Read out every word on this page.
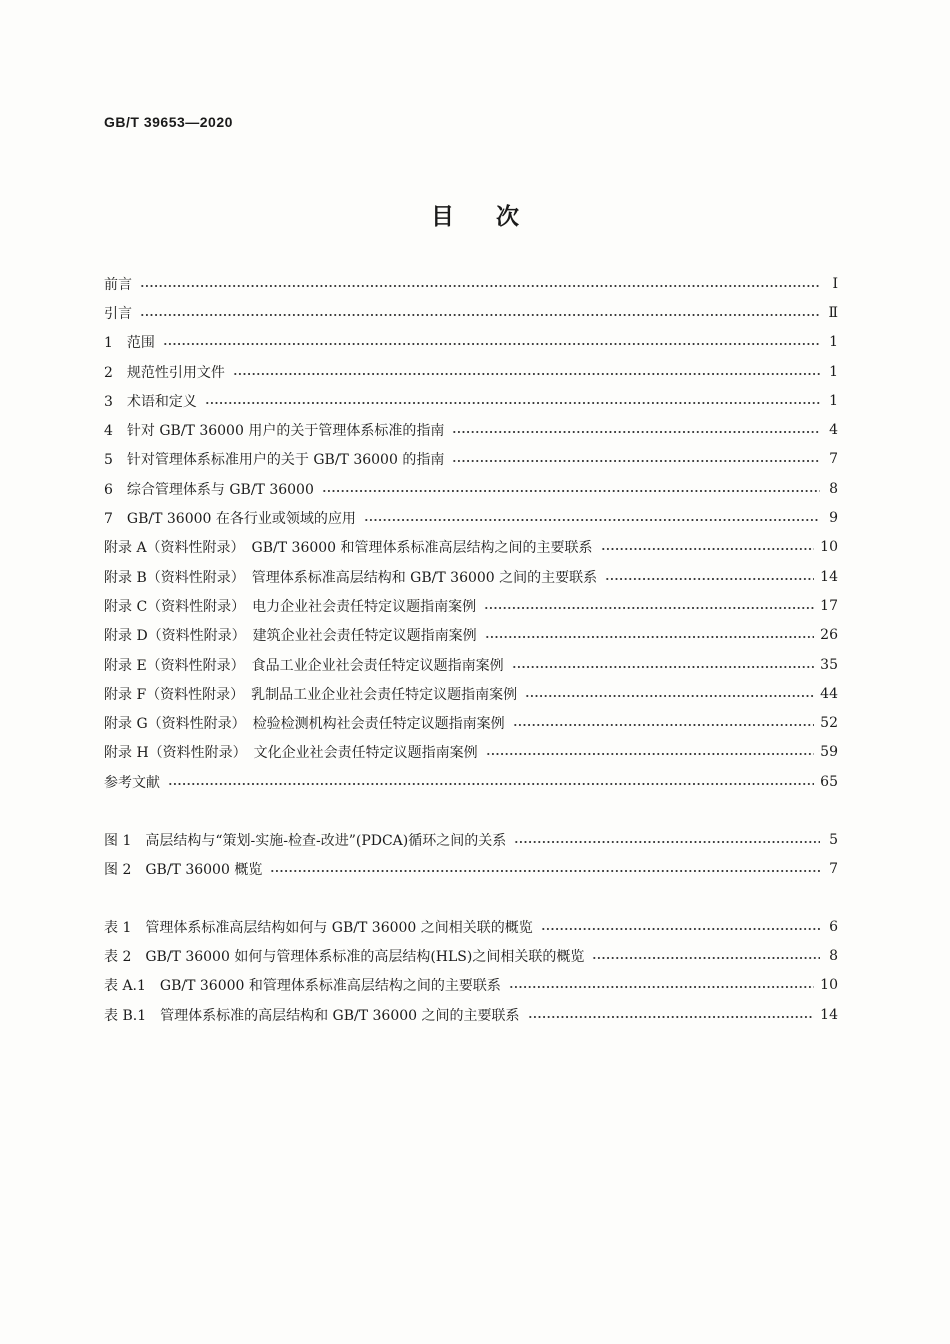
GB/T 39653—2020
目次
前言	Ⅰ
引言	Ⅱ
1　范围	1
2　规范性引用文件	1
3　术语和定义	1
4　针对 GB/T 36000 用户的关于管理体系标准的指南	4
5　针对管理体系标准用户的关于 GB/T 36000 的指南	7
6　综合管理体系与 GB/T 36000	8
7　GB/T 36000 在各行业或领域的应用	9
附录 A（资料性附录）　GB/T 36000 和管理体系标准高层结构之间的主要联系	10
附录 B（资料性附录）　管理体系标准高层结构和 GB/T 36000 之间的主要联系	14
附录 C（资料性附录）　电力企业社会责任特定议题指南案例	17
附录 D（资料性附录）　建筑企业社会责任特定议题指南案例	26
附录 E（资料性附录）　食品工业企业社会责任特定议题指南案例	35
附录 F（资料性附录）　乳制品工业企业社会责任特定议题指南案例	44
附录 G（资料性附录）　检验检测机构社会责任特定议题指南案例	52
附录 H（资料性附录）　文化企业社会责任特定议题指南案例	59
参考文献	65
图 1　高层结构与“策划-实施-检查-改进”(PDCA)循环之间的关系	5
图 2　GB/T 36000 概览	7
表 1　管理体系标准高层结构如何与 GB/T 36000 之间相关联的概览	6
表 2　GB/T 36000 如何与管理体系标准的高层结构(HLS)之间相关联的概览	8
表 A.1　GB/T 36000 和管理体系标准高层结构之间的主要联系	10
表 B.1　管理体系标准的高层结构和 GB/T 36000 之间的主要联系	14
